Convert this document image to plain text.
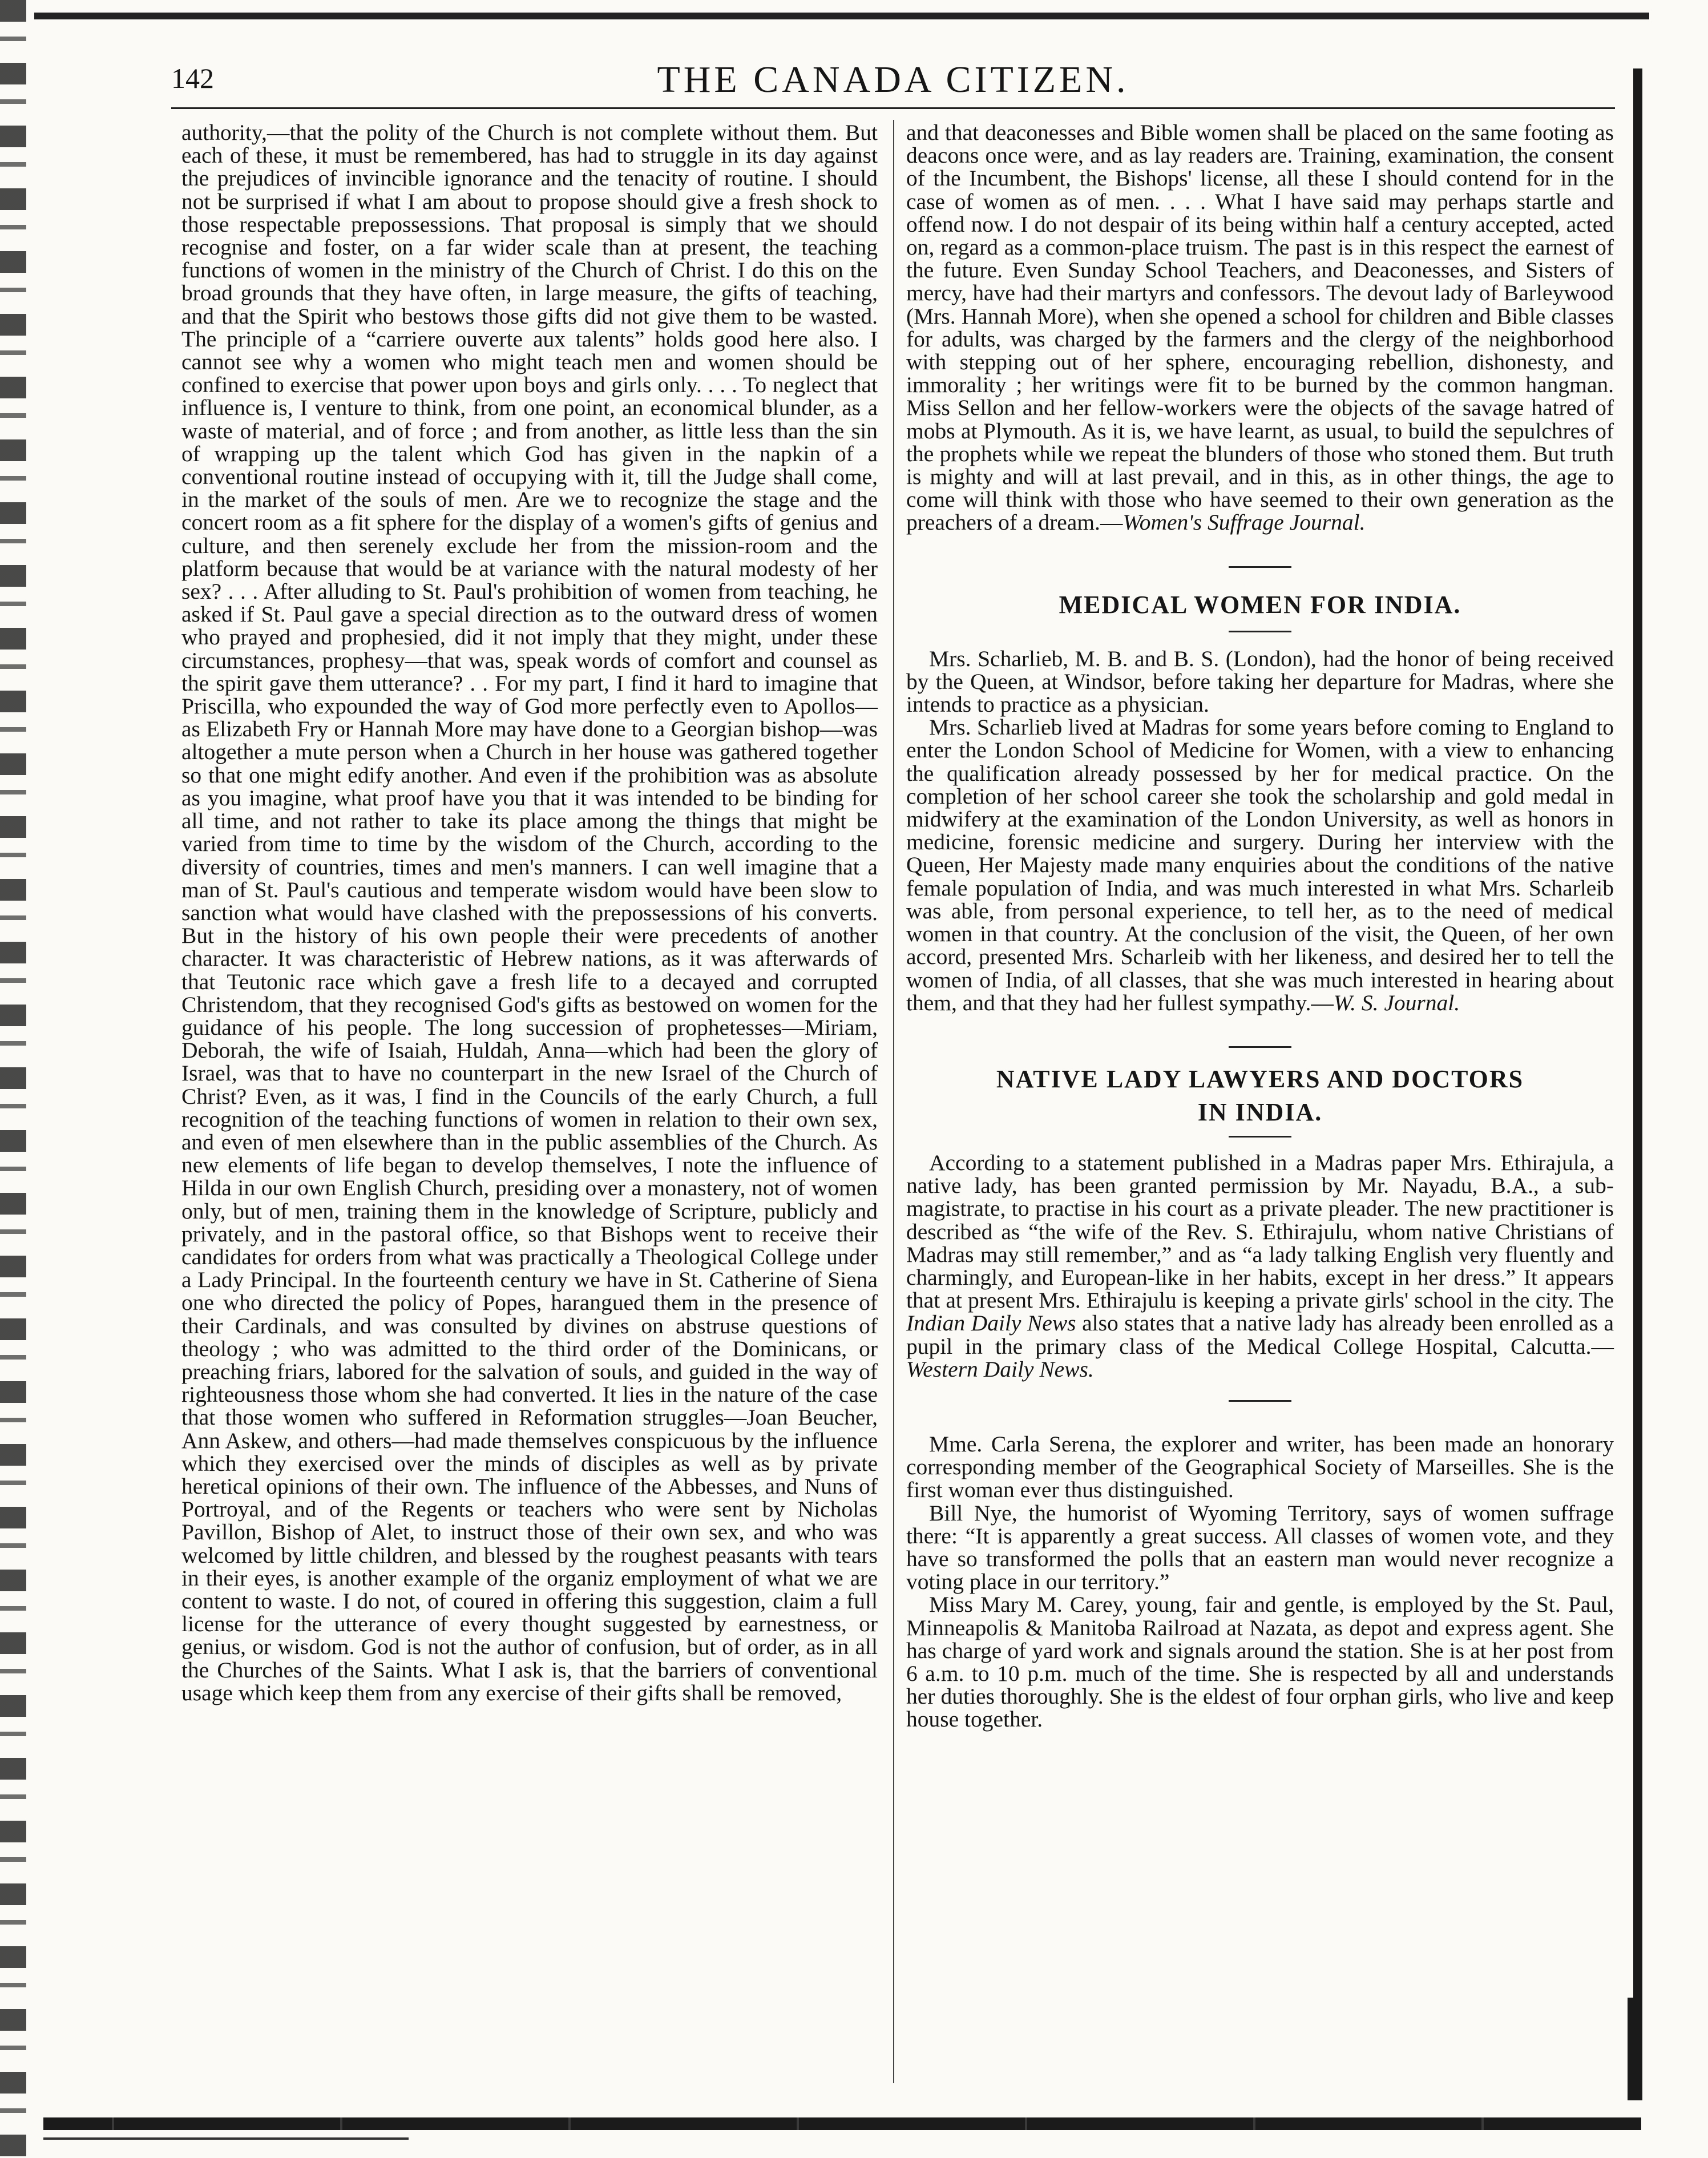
142	THE CANADA CITIZEN.

authority,—that the polity of the Church is not complete without them. But each of these, it must be remembered, has had to struggle in its day against the prejudices of invincible ignorance and the tenacity of routine. I should not be surprised if what I am about to propose should give a fresh shock to those respectable prepossessions. That proposal is simply that we should recognise and foster, on a far wider scale than at present, the teaching functions of women in the ministry of the Church of Christ. I do this on the broad grounds that they have often, in large measure, the gifts of teaching, and that the Spirit who bestows those gifts did not give them to be wasted. The principle of a “carriere ouverte aux talents” holds good here also. I cannot see why a women who might teach men and women should be confined to exercise that power upon boys and girls only. . . . To neglect that influence is, I venture to think, from one point, an economical blunder, as a waste of material, and of force ; and from another, as little less than the sin of wrapping up the talent which God has given in the napkin of a conventional routine instead of occupying with it, till the Judge shall come, in the market of the souls of men. Are we to recognize the stage and the concert room as a fit sphere for the display of a women's gifts of genius and culture, and then serenely exclude her from the mission-room and the platform because that would be at variance with the natural modesty of her sex? . . . After alluding to St. Paul's prohibition of women from teaching, he asked if St. Paul gave a special direction as to the outward dress of women who prayed and prophesied, did it not imply that they might, under these circumstances, prophesy—that was, speak words of comfort and counsel as the spirit gave them utterance? . . For my part, I find it hard to imagine that Priscilla, who expounded the way of God more perfectly even to Apollos—as Elizabeth Fry or Hannah More may have done to a Georgian bishop—was altogether a mute person when a Church in her house was gathered together so that one might edify another. And even if the prohibition was as absolute as you imagine, what proof have you that it was intended to be binding for all time, and not rather to take its place among the things that might be varied from time to time by the wisdom of the Church, according to the diversity of countries, times and men's manners. I can well imagine that a man of St. Paul's cautious and temperate wisdom would have been slow to sanction what would have clashed with the prepossessions of his converts. But in the history of his own people their were precedents of another character. It was characteristic of Hebrew nations, as it was afterwards of that Teutonic race which gave a fresh life to a decayed and corrupted Christendom, that they recognised God's gifts as bestowed on women for the guidance of his people. The long succession of prophetesses—Miriam, Deborah, the wife of Isaiah, Huldah, Anna—which had been the glory of Israel, was that to have no counterpart in the new Israel of the Church of Christ? Even, as it was, I find in the Councils of the early Church, a full recognition of the teaching functions of women in relation to their own sex, and even of men elsewhere than in the public assemblies of the Church. As new elements of life began to develop themselves, I note the influence of Hilda in our own English Church, presiding over a monastery, not of women only, but of men, training them in the knowledge of Scripture, publicly and privately, and in the pastoral office, so that Bishops went to receive their candidates for orders from what was practically a Theological College under a Lady Principal. In the fourteenth century we have in St. Catherine of Siena one who directed the policy of Popes, harangued them in the presence of their Cardinals, and was consulted by divines on abstruse questions of theology ; who was admitted to the third order of the Dominicans, or preaching friars, labored for the salvation of souls, and guided in the way of righteousness those whom she had converted. It lies in the nature of the case that those women who suffered in Reformation struggles—Joan Beucher, Ann Askew, and others—had made themselves conspicuous by the influence which they exercised over the minds of disciples as well as by private heretical opinions of their own. The influence of the Abbesses, and Nuns of Portroyal, and of the Regents or teachers who were sent by Nicholas Pavillon, Bishop of Alet, to instruct those of their own sex, and who was welcomed by little children, and blessed by the roughest peasants with tears in their eyes, is another example of the organiz employment of what we are content to waste. I do not, of coured in offering this suggestion, claim a full license for the utterance of every thought suggested by earnestness, or genius, or wisdom. God is not the author of confusion, but of order, as in all the Churches of the Saints. What I ask is, that the barriers of conventional usage which keep them from any exercise of their gifts shall be removed,

and that deaconesses and Bible women shall be placed on the same footing as deacons once were, and as lay readers are. Training, examination, the consent of the Incumbent, the Bishops' license, all these I should contend for in the case of women as of men. . . . What I have said may perhaps startle and offend now. I do not despair of its being within half a century accepted, acted on, regard as a common-place truism. The past is in this respect the earnest of the future. Even Sunday School Teachers, and Deaconesses, and Sisters of mercy, have had their martyrs and confessors. The devout lady of Barleywood (Mrs. Hannah More), when she opened a school for children and Bible classes for adults, was charged by the farmers and the clergy of the neighborhood with stepping out of her sphere, encouraging rebellion, dishonesty, and immorality ; her writings were fit to be burned by the common hangman. Miss Sellon and her fellow-workers were the objects of the savage hatred of mobs at Plymouth. As it is, we have learnt, as usual, to build the sepulchres of the prophets while we repeat the blunders of those who stoned them. But truth is mighty and will at last prevail, and in this, as in other things, the age to come will think with those who have seemed to their own generation as the preachers of a dream.—Women's Suffrage Journal.

MEDICAL WOMEN FOR INDIA.

Mrs. Scharlieb, M. B. and B. S. (London), had the honor of being received by the Queen, at Windsor, before taking her departure for Madras, where she intends to practice as a physician.

Mrs. Scharlieb lived at Madras for some years before coming to England to enter the London School of Medicine for Women, with a view to enhancing the qualification already possessed by her for medical practice. On the completion of her school career she took the scholarship and gold medal in midwifery at the examination of the London University, as well as honors in medicine, forensic medicine and surgery. During her interview with the Queen, Her Majesty made many enquiries about the conditions of the native female population of India, and was much interested in what Mrs. Scharleib was able, from personal experience, to tell her, as to the need of medical women in that country. At the conclusion of the visit, the Queen, of her own accord, presented Mrs. Scharleib with her likeness, and desired her to tell the women of India, of all classes, that she was much interested in hearing about them, and that they had her fullest sympathy.—W. S. Journal.

NATIVE LADY LAWYERS AND DOCTORS
IN INDIA.

According to a statement published in a Madras paper Mrs. Ethirajula, a native lady, has been granted permission by Mr. Nayadu, B.A., a sub-magistrate, to practise in his court as a private pleader. The new practitioner is described as “the wife of the Rev. S. Ethirajulu, whom native Christians of Madras may still remember,” and as “a lady talking English very fluently and charmingly, and European-like in her habits, except in her dress.” It appears that at present Mrs. Ethirajulu is keeping a private girls' school in the city. The Indian Daily News also states that a native lady has already been enrolled as a pupil in the primary class of the Medical College Hospital, Calcutta.—Western Daily News.

Mme. Carla Serena, the explorer and writer, has been made an honorary corresponding member of the Geographical Society of Marseilles. She is the first woman ever thus distinguished.

Bill Nye, the humorist of Wyoming Territory, says of women suffrage there: “It is apparently a great success. All classes of women vote, and they have so transformed the polls that an eastern man would never recognize a voting place in our territory.”

Miss Mary M. Carey, young, fair and gentle, is employed by the St. Paul, Minneapolis & Manitoba Railroad at Nazata, as depot and express agent. She has charge of yard work and signals around the station. She is at her post from 6 a.m. to 10 p.m. much of the time. She is respected by all and understands her duties thoroughly. She is the eldest of four orphan girls, who live and keep house together.
